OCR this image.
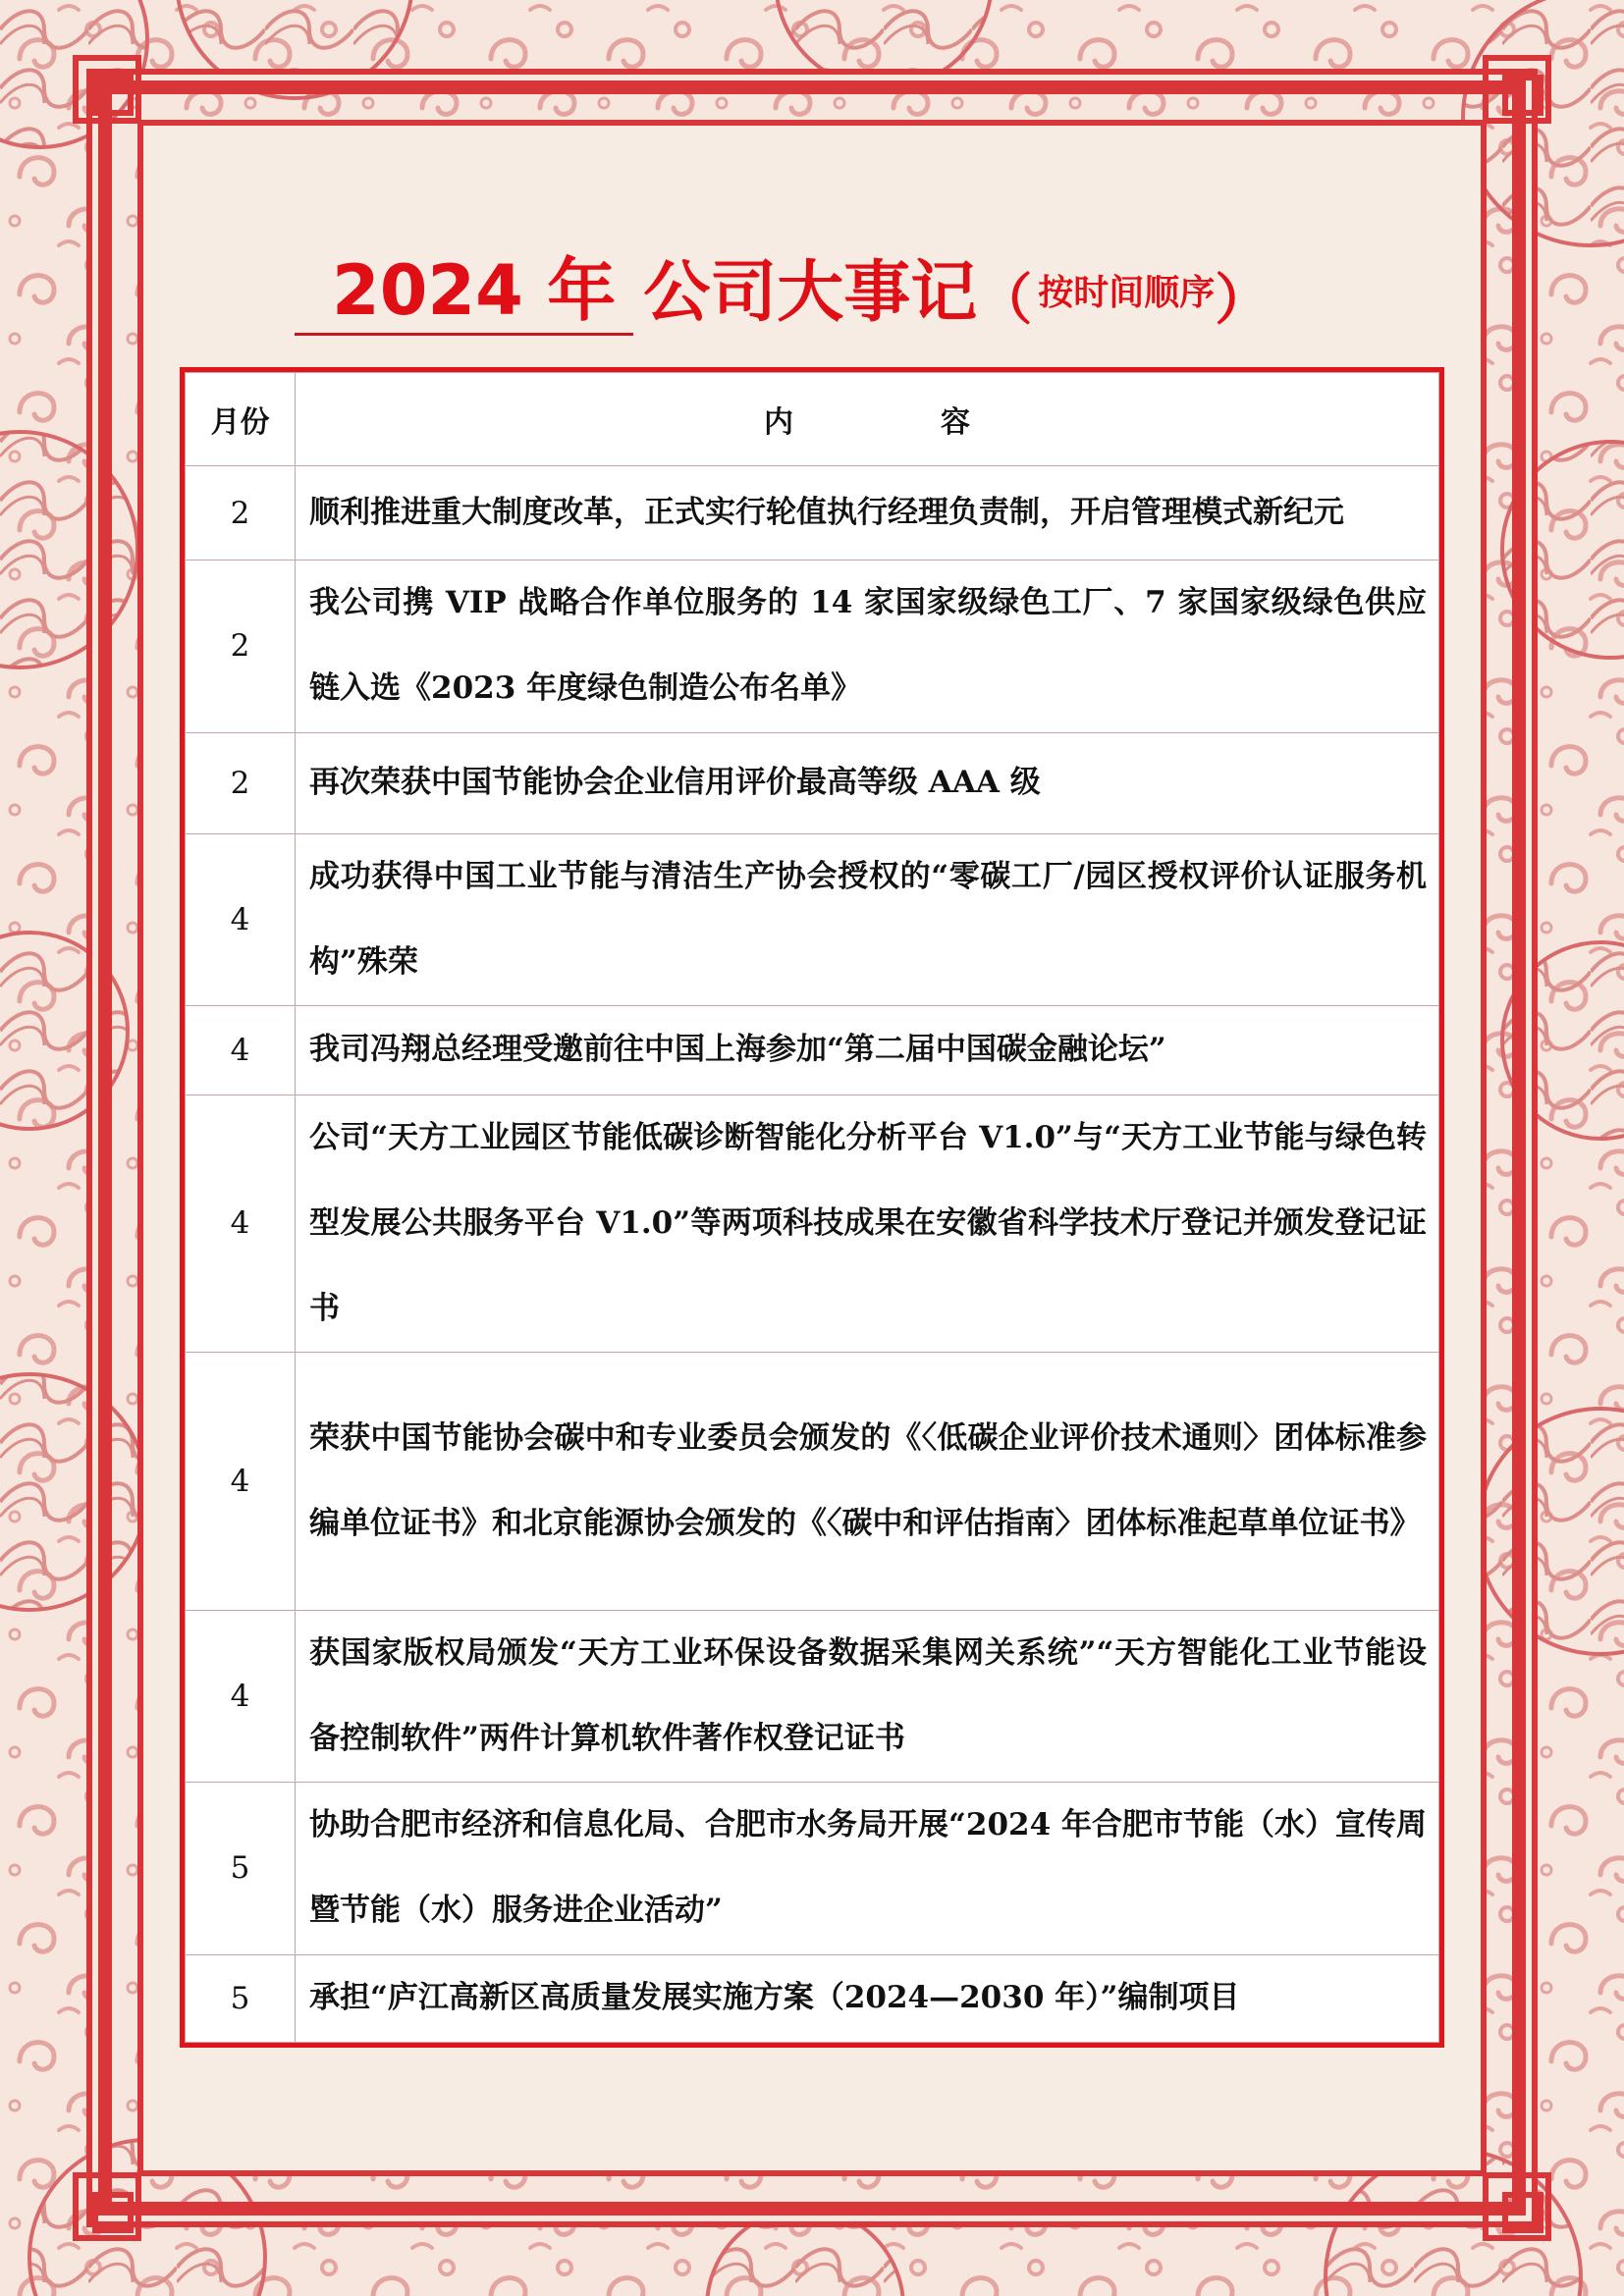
2024 年 公司大事记 （ 按时间顺序 ）
月份	内容
2	顺利推进重大制度改革，正式实行轮值执行经理负责制，开启管理模式新纪元
2	我公司携 VIP 战略合作单位服务的 14 家国家级绿色工厂、7 家国家级绿色供应链入选《2023 年度绿色制造公布名单》
2	再次荣获中国节能协会企业信用评价最高等级 AAA 级
4	成功获得中国工业节能与清洁生产协会授权的“零碳工厂/园区授权评价认证服务机构”殊荣
4	我司冯翔总经理受邀前往中国上海参加“第二届中国碳金融论坛”
4	公司“天方工业园区节能低碳诊断智能化分析平台 V1.0”与“天方工业节能与绿色转型发展公共服务平台 V1.0”等两项科技成果在安徽省科学技术厅登记并颁发登记证书
4	荣获中国节能协会碳中和专业委员会颁发的《〈低碳企业评价技术通则〉团体标准参编单位证书》和北京能源协会颁发的《〈碳中和评估指南〉团体标准起草单位证书》
4	获国家版权局颁发“天方工业环保设备数据采集网关系统”“天方智能化工业节能设备控制软件”两件计算机软件著作权登记证书
5	协助合肥市经济和信息化局、合肥市水务局开展“2024 年合肥市节能（水）宣传周暨节能（水）服务进企业活动”
5	承担“庐江高新区高质量发展实施方案（2024—2030 年）”编制项目
